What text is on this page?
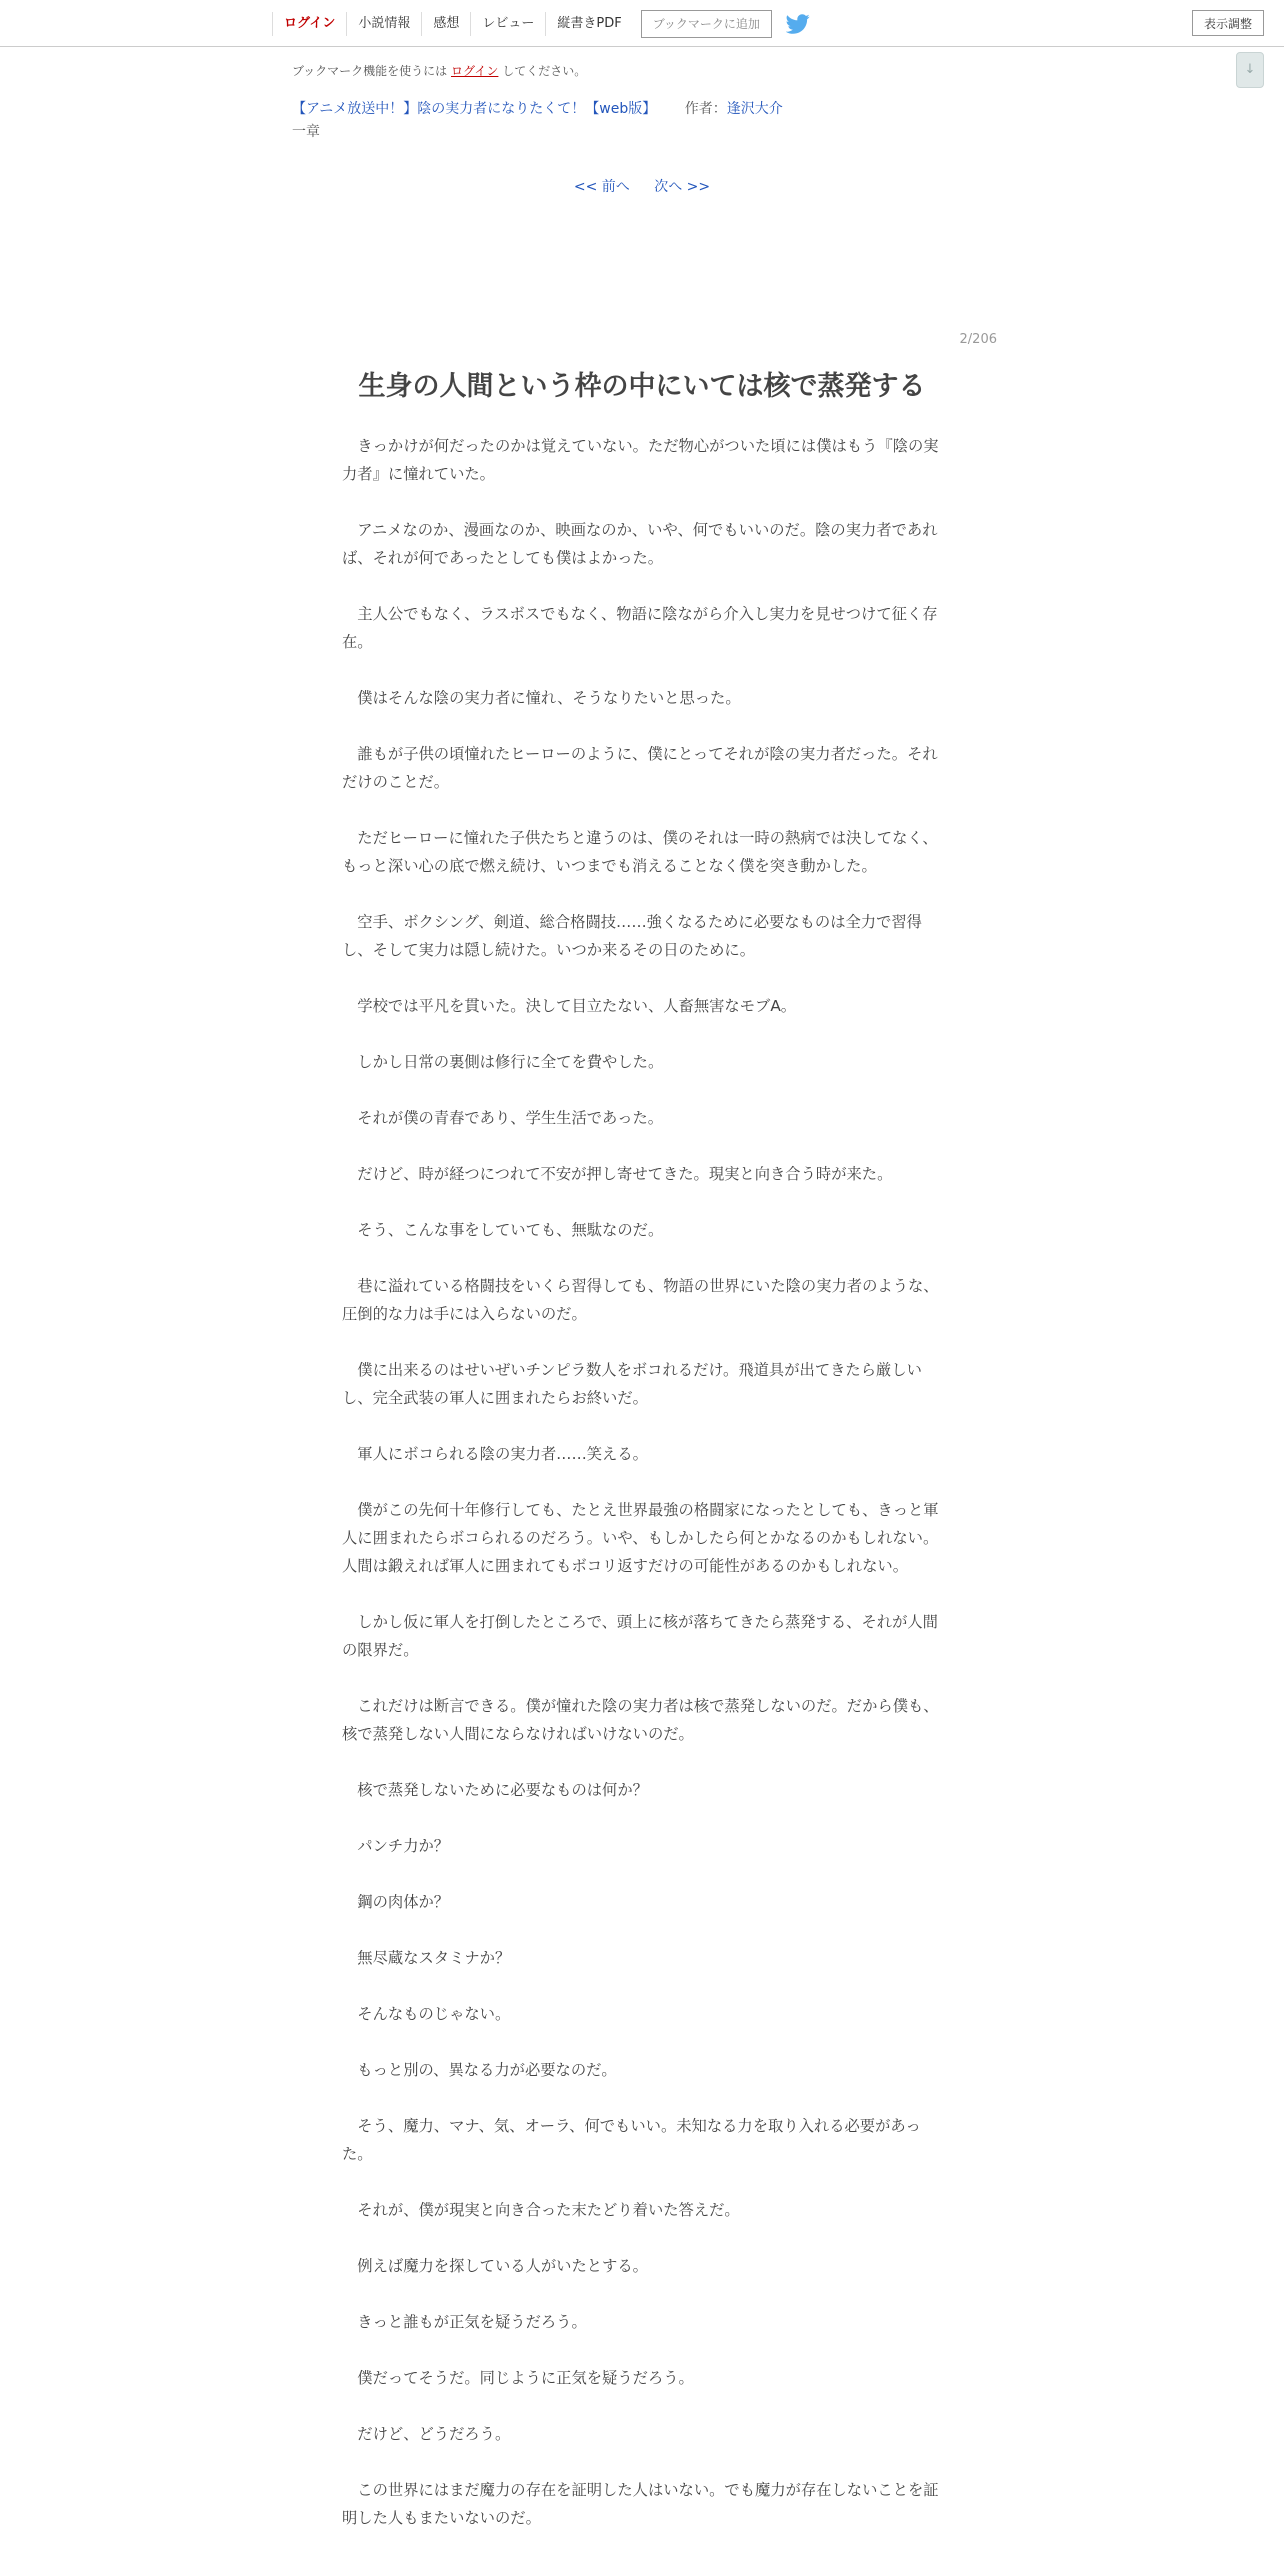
ログイン	小説情報	感想	レビュー	縦書きPDF	ブックマークに追加	表示調整
↓
ブックマーク機能を使うには ログイン してください。
【アニメ放送中！】陰の実力者になりたくて！【web版】 作者：逢沢大介
一章
<< 前へ 次へ >>
2/206
生身の人間という枠の中にいては核で蒸発する

きっかけが何だったのかは覚えていない。ただ物心がついた頃には僕はもう『陰の実力者』に憧れていた。

アニメなのか、漫画なのか、映画なのか、いや、何でもいいのだ。陰の実力者であれば、それが何であったとしても僕はよかった。

主人公でもなく、ラスボスでもなく、物語に陰ながら介入し実力を見せつけて征く存在。

僕はそんな陰の実力者に憧れ、そうなりたいと思った。

誰もが子供の頃憧れたヒーローのように、僕にとってそれが陰の実力者だった。それだけのことだ。

ただヒーローに憧れた子供たちと違うのは、僕のそれは一時の熱病では決してなく、もっと深い心の底で燃え続け、いつまでも消えることなく僕を突き動かした。

空手、ボクシング、剣道、総合格闘技……強くなるために必要なものは全力で習得し、そして実力は隠し続けた。いつか来るその日のために。

学校では平凡を貫いた。決して目立たない、人畜無害なモブA。

しかし日常の裏側は修行に全てを費やした。

それが僕の青春であり、学生生活であった。

だけど、時が経つにつれて不安が押し寄せてきた。現実と向き合う時が来た。

そう、こんな事をしていても、無駄なのだ。

巷に溢れている格闘技をいくら習得しても、物語の世界にいた陰の実力者のような、圧倒的な力は手には入らないのだ。

僕に出来るのはせいぜいチンピラ数人をボコれるだけ。飛道具が出てきたら厳しいし、完全武装の軍人に囲まれたらお終いだ。

軍人にボコられる陰の実力者……笑える。

僕がこの先何十年修行しても、たとえ世界最強の格闘家になったとしても、きっと軍人に囲まれたらボコられるのだろう。いや、もしかしたら何とかなるのかもしれない。人間は鍛えれば軍人に囲まれてもボコリ返すだけの可能性があるのかもしれない。

しかし仮に軍人を打倒したところで、頭上に核が落ちてきたら蒸発する、それが人間の限界だ。

これだけは断言できる。僕が憧れた陰の実力者は核で蒸発しないのだ。だから僕も、核で蒸発しない人間にならなければいけないのだ。

核で蒸発しないために必要なものは何か？

パンチ力か？

鋼の肉体か？

無尽蔵なスタミナか？

そんなものじゃない。

もっと別の、異なる力が必要なのだ。

そう、魔力、マナ、気、オーラ、何でもいい。未知なる力を取り入れる必要があった。

それが、僕が現実と向き合った末たどり着いた答えだ。

例えば魔力を探している人がいたとする。

きっと誰もが正気を疑うだろう。

僕だってそうだ。同じように正気を疑うだろう。

だけど、どうだろう。

この世界にはまだ魔力の存在を証明した人はいない。でも魔力が存在しないことを証明した人もまたいないのだ。
